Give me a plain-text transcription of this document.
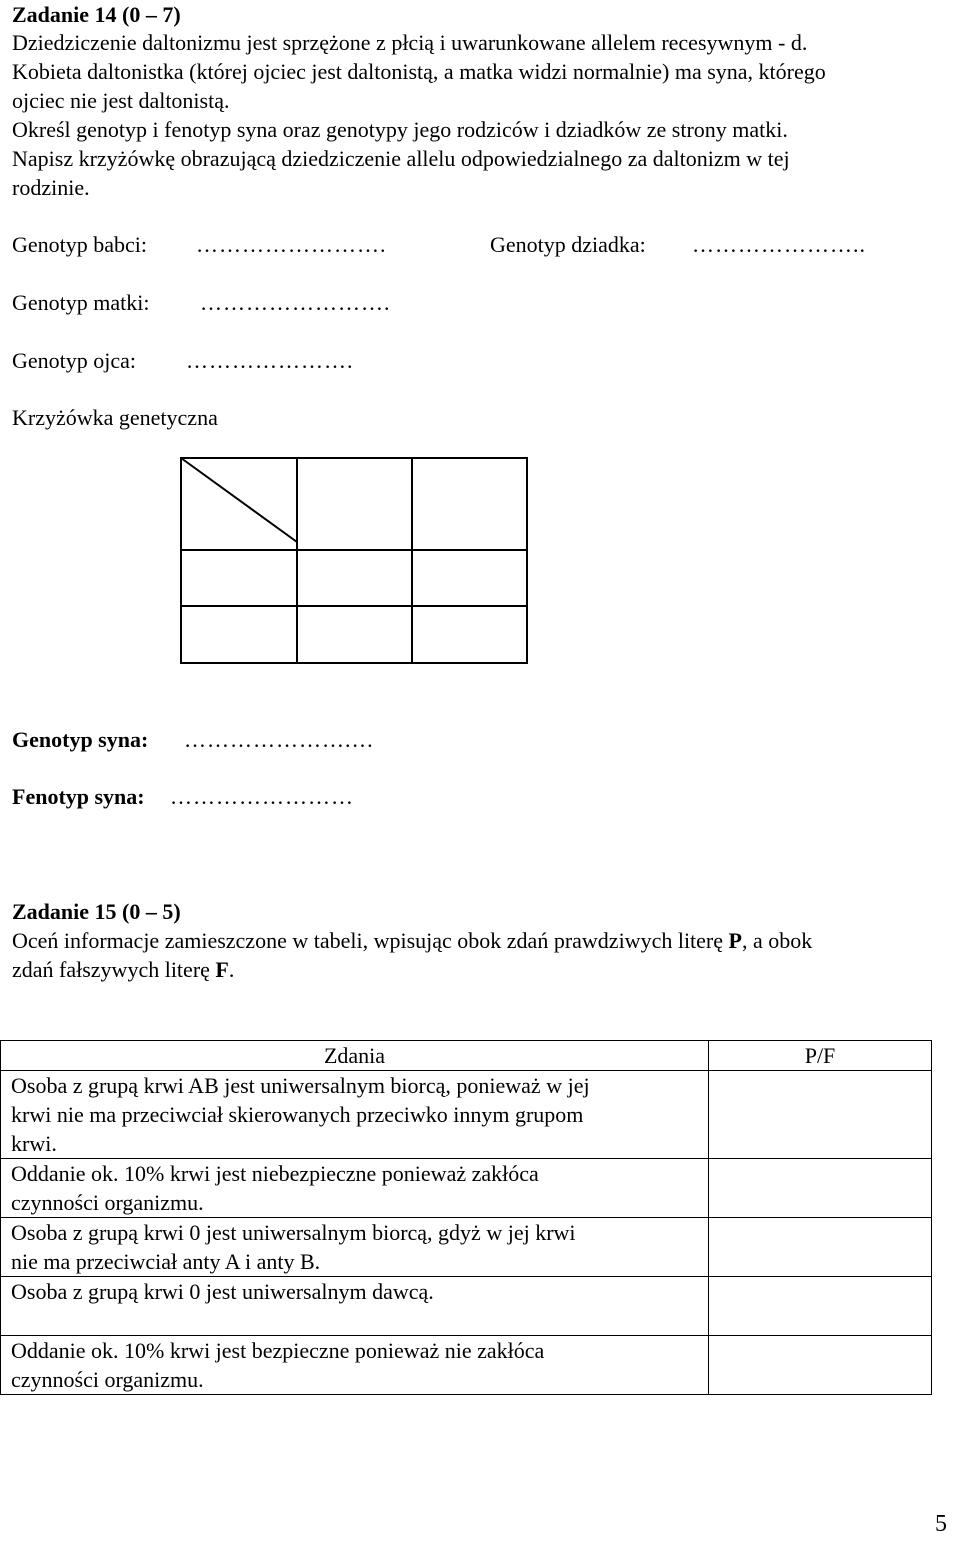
Zadanie 14 (0 – 7)
Dziedziczenie daltonizmu jest sprzężone z płcią i uwarunkowane allelem recesywnym - d.
Kobieta daltonistka (której ojciec jest daltonistą, a matka widzi normalnie) ma syna, którego
ojciec nie jest daltonistą.
Określ genotyp i fenotyp syna oraz genotypy jego rodziców i dziadków ze strony matki.
Napisz krzyżówkę obrazującą dziedziczenie allelu odpowiedzialnego za daltonizm w tej
rodzinie.
Genotyp babci: …………………….	Genotyp dziadka: …………………..
Genotyp matki: …………………….
Genotyp ojca: ………………….
Krzyżówka genetyczna
Genotyp syna: ………………….…
Fenotyp syna: ……………………
Zadanie 15 (0 – 5)
Oceń informacje zamieszczone w tabeli, wpisując obok zdań prawdziwych literę P, a obok
zdań fałszywych literę F.
Zdania	P/F

Osoba z grupą krwi AB jest uniwersalnym biorcą, ponieważ w jej
krwi nie ma przeciwciał skierowanych przeciwko innym grupom
krwi.	

Oddanie ok. 10% krwi jest niebezpieczne ponieważ zakłóca
czynności organizmu.	

Osoba z grupą krwi 0 jest uniwersalnym biorcą, gdyż w jej krwi
nie ma przeciwciał anty A i anty B.	

Osoba z grupą krwi 0 jest uniwersalnym dawcą.	

Oddanie ok. 10% krwi jest bezpieczne ponieważ nie zakłóca
czynności organizmu.	

5
